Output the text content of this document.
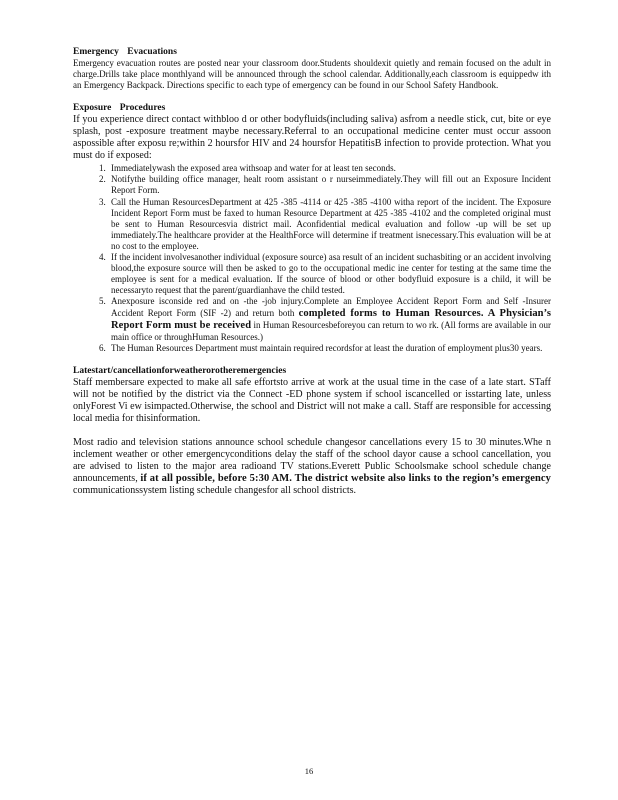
Emergency Evacuations

Emergency evacuation routes are posted near your classroom door.Students shouldexit quietly and remain focused on the adult in charge.Drills take place monthlyand will be announced through the school calendar. Additionally,each classroom is equippedw ith an Emergency Backpack. Directions specific to each type of emergency can be found in our School Safety Handbook.

Exposure Procedures

If you experience direct contact withbloo d or other bodyfluids(including saliva) asfrom a needle stick, cut, bite or eye splash, post -exposure treatment maybe necessary.Referral to an occupational medicine center must occur assoon aspossible after exposu re;within 2 hoursfor HIV and 24 hoursfor HepatitisB infection to provide protection. What you must do if exposed:

1. Immediatelywash the exposed area withsoap and water for at least ten seconds.
2. Notifythe building office manager, healt room assistant o r nurseimmediately.They will fill out an Exposure Incident Report Form.
3. Call the Human ResourcesDepartment at 425 -385 -4114 or 425 -385 -4100 witha report of the incident. The Exposure Incident Report Form must be faxed to human Resource Department at 425 -385 -4102 and the completed original must be sent to Human Resourcesvia district mail. Aconfidential medical evaluation and follow -up will be set up immediately.The healthcare provider at the HealthForce will determine if treatment isnecessary.This evaluation will be at no cost to the employee.
4. If the incident involvesanother individual (exposure source) asa result of an incident suchasbiting or an accident involving blood,the exposure source will then be asked to go to the occupational medic ine center for testing at the same time the employee is sent for a medical evaluation. If the source of blood or other bodyfluid exposure is a child, it will be necessaryto request that the parent/guardianhave the child tested.
5. Anexposure isconside red and on -the -job injury.Complete an Employee Accident Report Form and Self -Insurer Accident Report Form (SIF -2) and return both completed forms to Human Resources. A Physician’s Report Form must be received in Human Resourcesbeforeyou can return to wo rk. (All forms are available in our main office or throughHuman Resources.)
6. The Human Resources Department must maintain required recordsfor at least the duration of employment plus30 years.
Latestart/cancellationforweatherorotheremergencies

Staff membersare expected to make all safe effortsto arrive at work at the usual time in the case of a late start. STaff will not be notified by the district via the Connect -ED phone system if school iscancelled or isstarting late, unless onlyForest Vi ew isimpacted.Otherwise, the school and District will not make a call. Staff are responsible for accessing local media for thisinformation.

Most radio and television stations announce school schedule changesor cancellations every 15 to 30 minutes.Whe n inclement weather or other emergencyconditions delay the staff of the school dayor cause a school cancellation, you are advised to listen to the major area radioand TV stations.Everett Public Schoolsmake school schedule change announcements, if at all possible, before 5:30 AM. The district website also links to the region’s emergency communicationssystem listing schedule changesfor all school districts.

16
